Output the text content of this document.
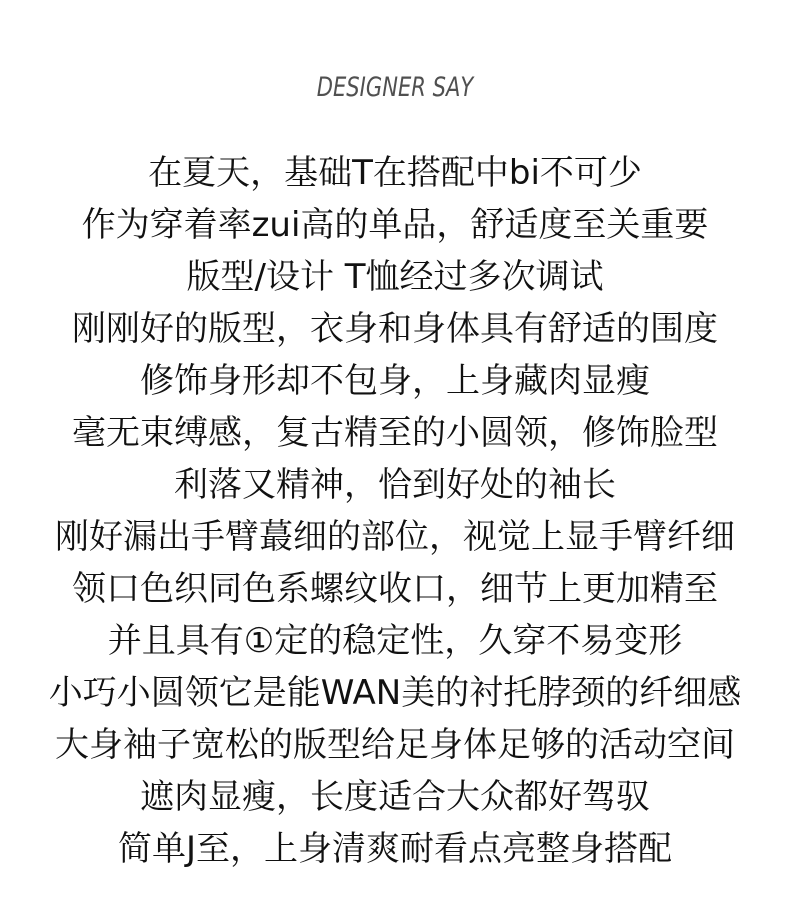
DESIGNER SAY
在夏天，基础T在搭配中bi不可少
作为穿着率zui高的单品，舒适度至关重要
版型/设计 T恤经过多次调试
刚刚好的版型，衣身和身体具有舒适的围度
修饰身形却不包身，上身藏肉显瘦
毫无束缚感，复古精至的小圆领，修饰脸型
利落又精神，恰到好处的袖长
刚好漏出手臂蕞细的部位，视觉上显手臂纤细
领口色织同色系螺纹收口，细节上更加精至
并且具有①定的稳定性，久穿不易变形
小巧小圆领它是能WAN美的衬托脖颈的纤细感
大身袖子宽松的版型给足身体足够的活动空间
遮肉显瘦，长度适合大众都好驾驭
简单J至，上身清爽耐看点亮整身搭配
